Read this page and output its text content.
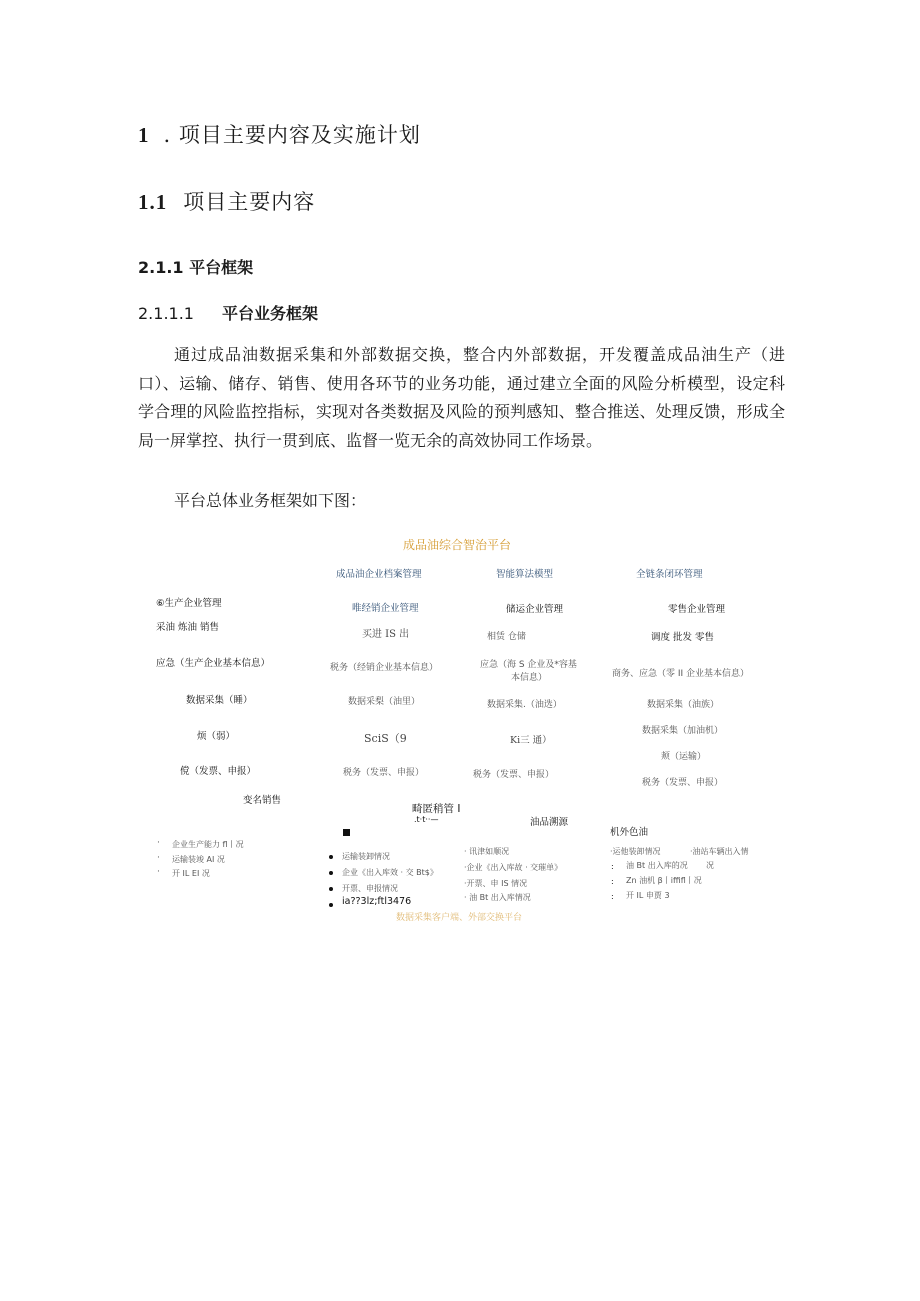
1 . 项目主要内容及实施计划
1.1 项目主要内容
2.1.1 平台框架
2.1.1.1 平台业务框架
通过成品油数据采集和外部数据交换，整合内外部数据，开发覆盖成品油生产（进口）、运输、储存、销售、使用各环节的业务功能，通过建立全面的风险分析模型，设定科学合理的风险监控指标，实现对各类数据及风险的预判感知、整合推送、处理反馈，形成全局一屏掌控、执行一贯到底、监督一览无余的高效协同工作场景。
平台总体业务框架如下图：
成品油综合智治平台
成品油企业档案管理	智能算法模型	全链条闭环管理
⑥生产企业管理
采油 炼油 销售
应急（生产企业基本信息）
数据采集（睡）
烦（弱）
傥（发票、申报）
变名销售
· 企业生产能力 fl丨况
· 运输装竣 AI 况
· 开 IL EI 况
唯经销企业管理
买进 IS 出
税务（经销企业基本信息）
数据采梨（油里）
SciS（9
税务（发票、申报）
储运企业管理
相赁 仓储
应急（海 S 企业及*容基
本信息）
数据采集.（油选）
Ki三 通）
税务（发票、申报）
零售企业管理
调度 批发 零售
商务、应急（零 II 企业基本信息）
数据采集（油族）
数据采集（加油机）
颊（运输）
税务（发票、申报）
畸匿稍管 I
.t·t··—
运输装卸情况
企业《出入库效 · 交 Bt$》
开票、申报情况
ia??3lz;ftl3476
油品溯源
· 讯津如顺况
·企业《出入库故 · 交璀单》
·开票、申 IS 情况
· 油 Bt 出入库情况
机外色油
·运他装卸情况	·油站车辆出入情
: 油 Bt 出入库的况 况
: Zn 油机 β丨iffifl丨况
: 开 IL 申贾 3
数据采集客户端、外部交换平台
